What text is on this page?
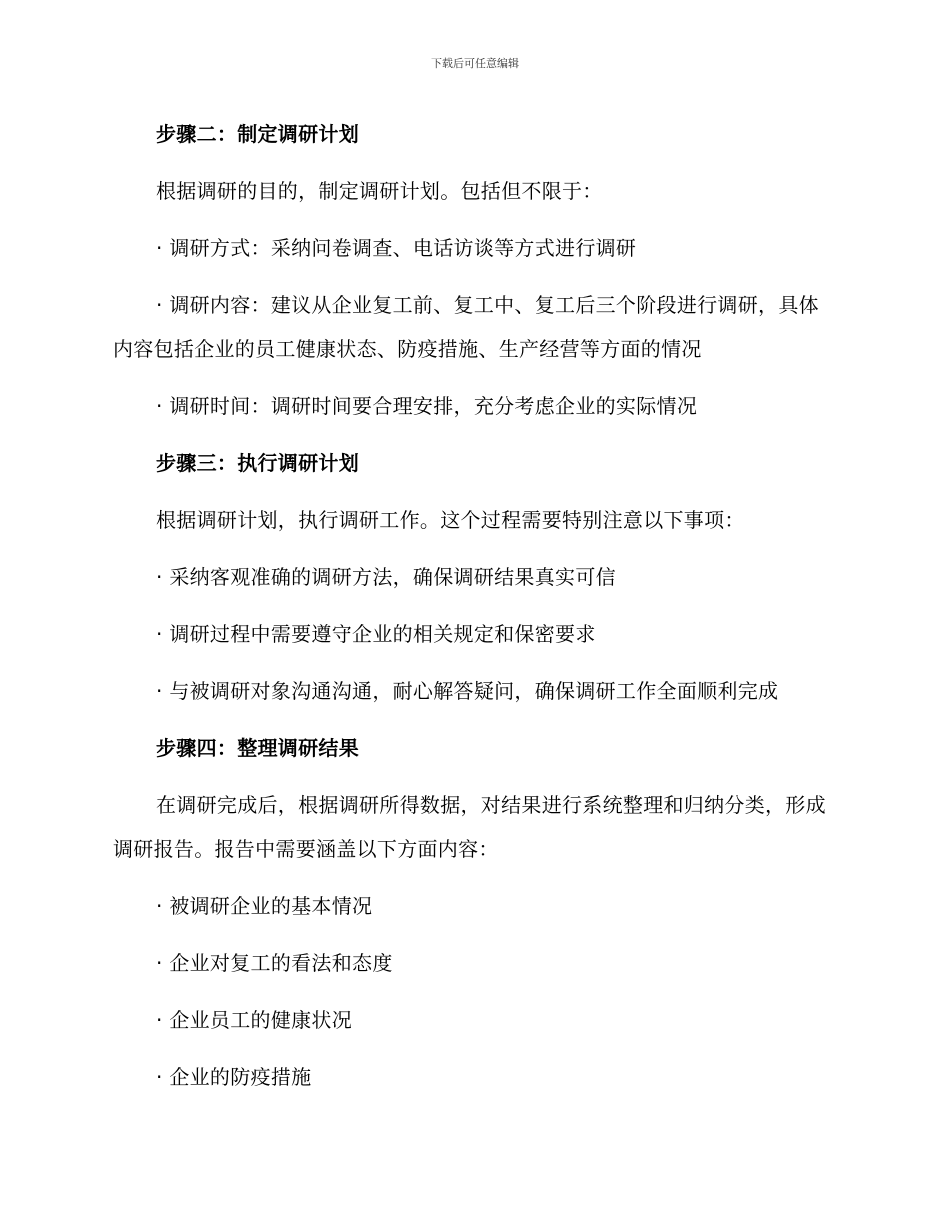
下载后可任意编辑

步骤二：制定调研计划

根据调研的目的，制定调研计划。包括但不限于：

· 调研方式：采纳问卷调查、电话访谈等方式进行调研

· 调研内容：建议从企业复工前、复工中、复工后三个阶段进行调研，具体内容包括企业的员工健康状态、防疫措施、生产经营等方面的情况

· 调研时间：调研时间要合理安排，充分考虑企业的实际情况

步骤三：执行调研计划

根据调研计划，执行调研工作。这个过程需要特别注意以下事项：

· 采纳客观准确的调研方法，确保调研结果真实可信

· 调研过程中需要遵守企业的相关规定和保密要求

· 与被调研对象沟通沟通，耐心解答疑问，确保调研工作全面顺利完成

步骤四：整理调研结果

在调研完成后，根据调研所得数据，对结果进行系统整理和归纳分类，形成调研报告。报告中需要涵盖以下方面内容：

· 被调研企业的基本情况

· 企业对复工的看法和态度

· 企业员工的健康状况

· 企业的防疫措施
